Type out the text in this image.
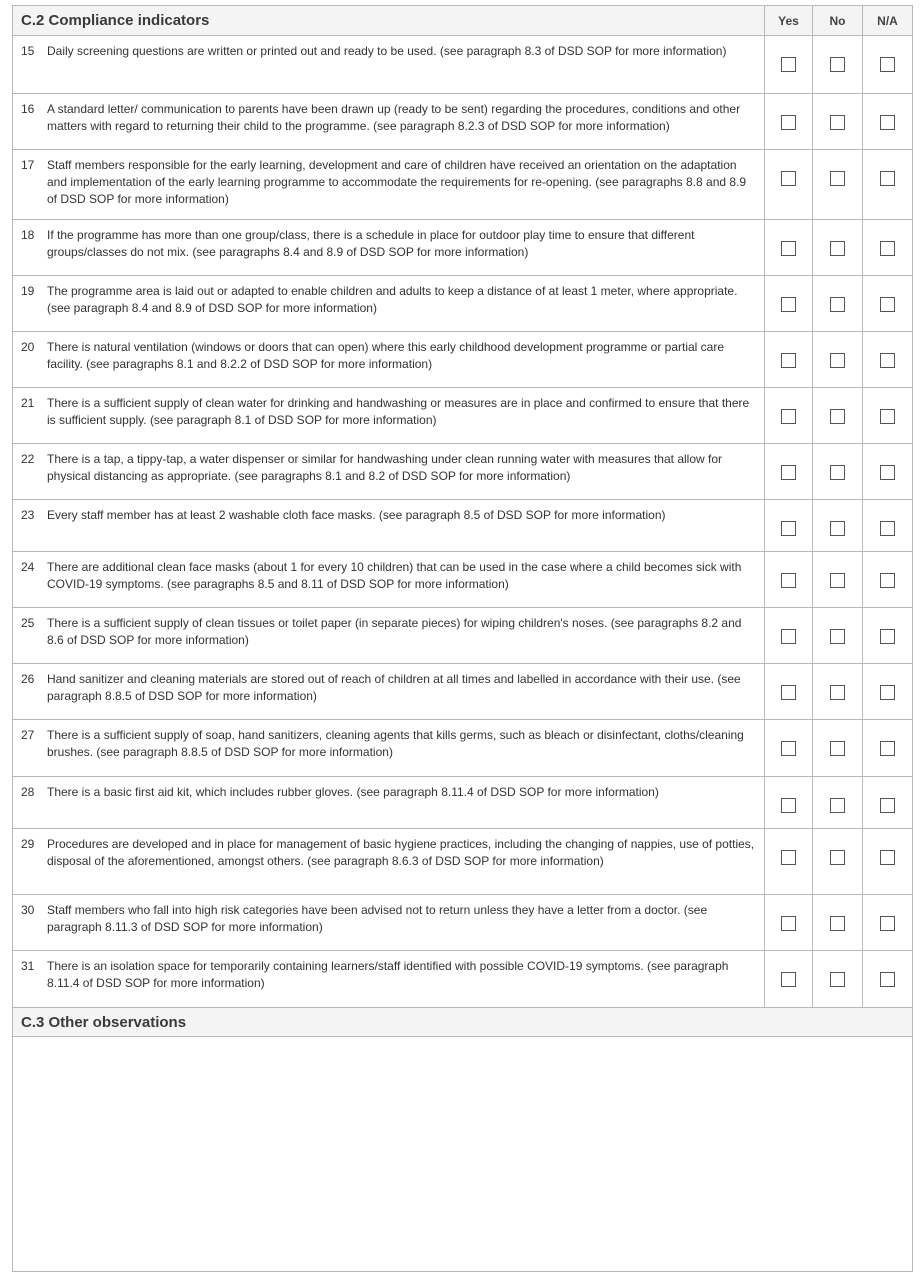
C.2 Compliance indicators	Yes	No	N/A

15 Daily screening questions are written or printed out and ready to be used. (see paragraph 8.3 of DSD SOP for more information)			

16 A standard letter/ communication to parents have been drawn up (ready to be sent) regarding the procedures, conditions and other matters with regard to returning their child to the programme. (see paragraph 8.2.3 of DSD SOP for more information)			

17 Staff members responsible for the early learning, development and care of children have received an orientation on the adaptation and implementation of the early learning programme to accommodate the requirements for re-opening. (see paragraphs 8.8 and 8.9 of DSD SOP for more information)			

18 If the programme has more than one group/class, there is a schedule in place for outdoor play time to ensure that different groups/classes do not mix. (see paragraphs 8.4 and 8.9 of DSD SOP for more information)			

19 The programme area is laid out or adapted to enable children and adults to keep a distance of at least 1 meter, where appropriate. (see paragraph 8.4 and 8.9 of DSD SOP for more information)			

20 There is natural ventilation (windows or doors that can open) where this early childhood development programme or partial care facility. (see paragraphs 8.1 and 8.2.2 of DSD SOP for more information)			

21 There is a sufficient supply of clean water for drinking and handwashing or measures are in place and confirmed to ensure that there is sufficient supply. (see paragraph 8.1 of DSD SOP for more information)			

22 There is a tap, a tippy-tap, a water dispenser or similar for handwashing under clean running water with measures that allow for physical distancing as appropriate. (see paragraphs 8.1 and 8.2 of DSD SOP for more information)			

23 Every staff member has at least 2 washable cloth face masks. (see paragraph 8.5 of DSD SOP for more information)			

24 There are additional clean face masks (about 1 for every 10 children) that can be used in the case where a child becomes sick with COVID-19 symptoms. (see paragraphs 8.5 and 8.11 of DSD SOP for more information)			

25 There is a sufficient supply of clean tissues or toilet paper (in separate pieces) for wiping children's noses. (see paragraphs 8.2 and 8.6 of DSD SOP for more information)			

26 Hand sanitizer and cleaning materials are stored out of reach of children at all times and labelled in accordance with their use. (see paragraph 8.8.5 of DSD SOP for more information)			

27 There is a sufficient supply of soap, hand sanitizers, cleaning agents that kills germs, such as bleach or disinfectant, cloths/cleaning brushes. (see paragraph 8.8.5 of DSD SOP for more information)			

28 There is a basic first aid kit, which includes rubber gloves. (see paragraph 8.11.4 of DSD SOP for more information)			

29 Procedures are developed and in place for management of basic hygiene practices, including the changing of nappies, use of potties, disposal of the aforementioned, amongst others. (see paragraph 8.6.3 of DSD SOP for more information)			

30 Staff members who fall into high risk categories have been advised not to return unless they have a letter from a doctor. (see paragraph 8.11.3 of DSD SOP for more information)			

31 There is an isolation space for temporarily containing learners/staff identified with possible COVID-19 symptoms. (see paragraph 8.11.4 of DSD SOP for more information)			

C.3 Other observations			
